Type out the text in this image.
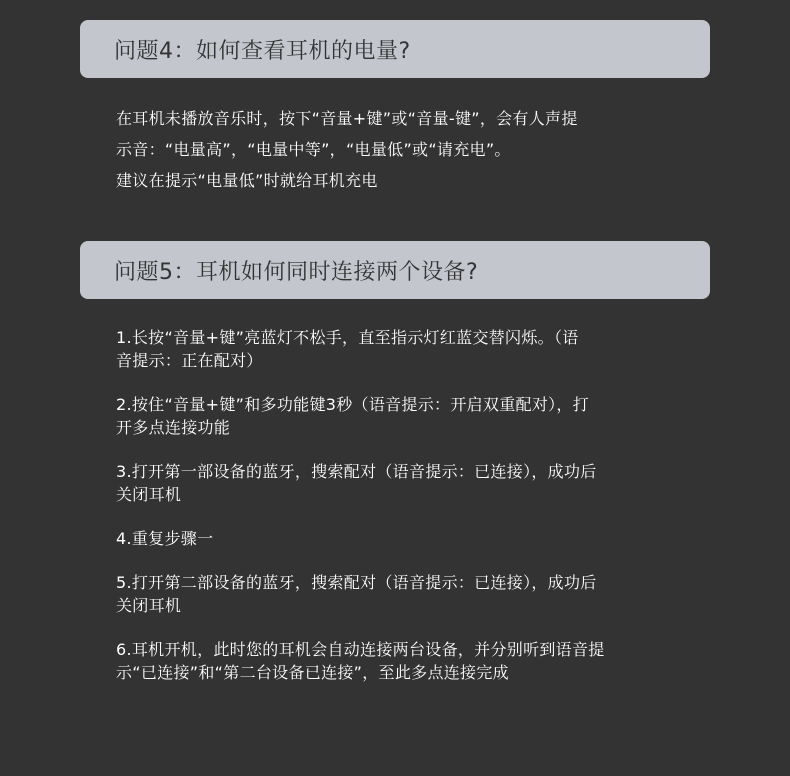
问题4：如何查看耳机的电量?

在耳机未播放音乐时，按下“音量+键”或“音量-键”，会有人声提

示音：“电量高”，“电量中等”，“电量低”或“请充电”。

建议在提示“电量低”时就给耳机充电

问题5：耳机如何同时连接两个设备?
1.长按“音量+键”亮蓝灯不松手，直至指示灯红蓝交替闪烁。（语
音提示：正在配对）
2.按住“音量+键”和多功能键3秒（语音提示：开启双重配对），打
开多点连接功能
3.打开第一部设备的蓝牙，搜索配对（语音提示：已连接），成功后
关闭耳机
4.重复步骤一
5.打开第二部设备的蓝牙，搜索配对（语音提示：已连接），成功后
关闭耳机
6.耳机开机，此时您的耳机会自动连接两台设备，并分别听到语音提
示“已连接”和“第二台设备已连接”，至此多点连接完成
